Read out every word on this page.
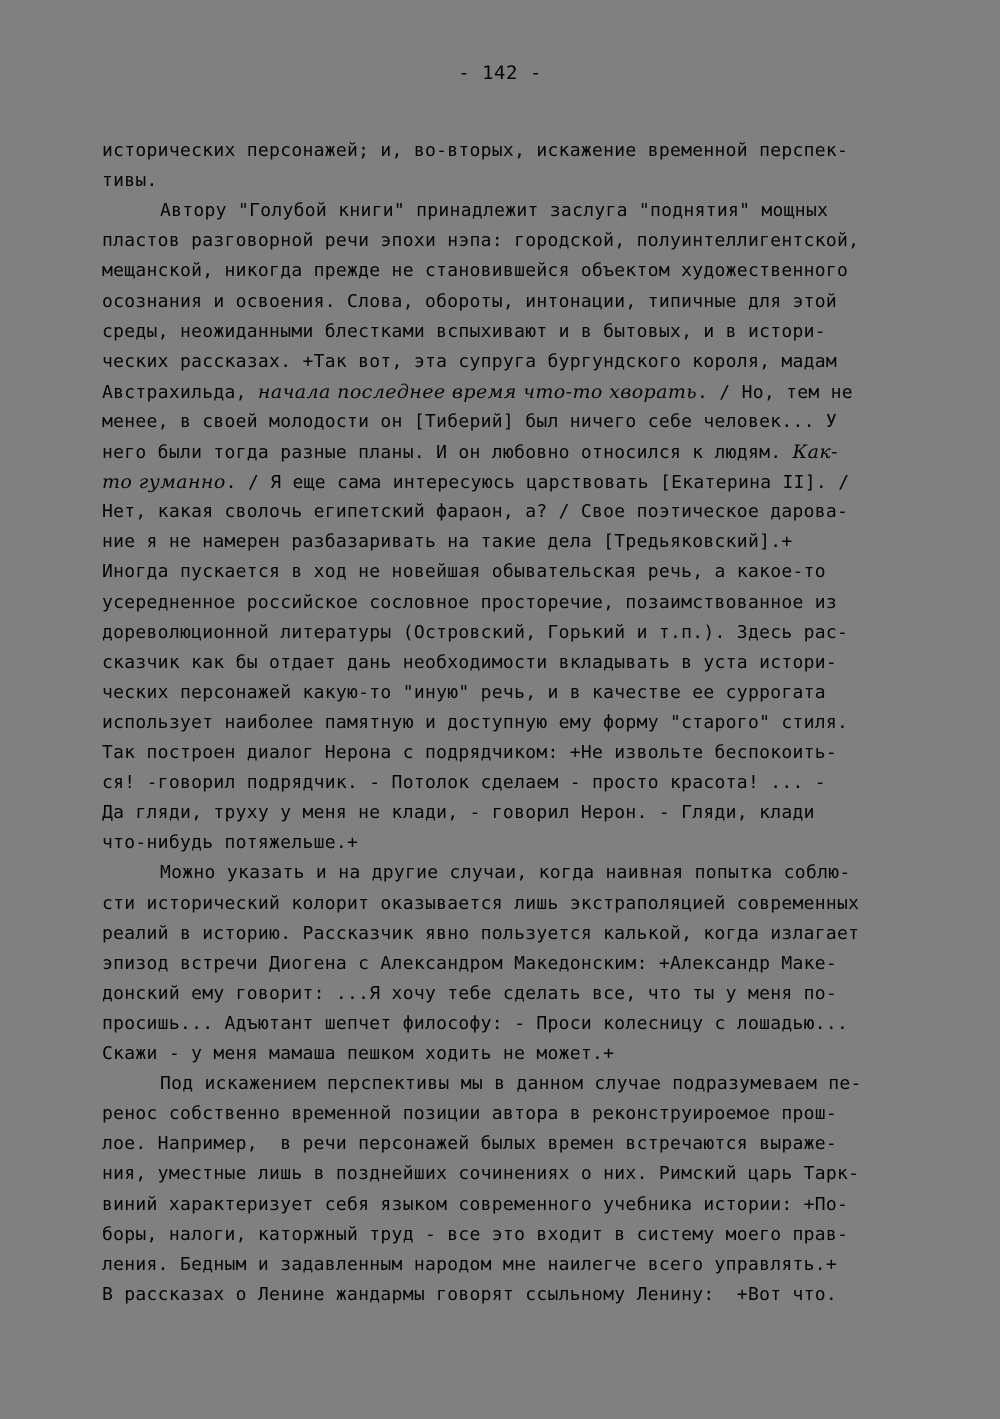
- 142 -
исторических персонажей; и, во-вторых, искажение временной перспек-
тивы.
Автору "Голубой книги" принадлежит заслуга "поднятия" мощных
пластов разговорной речи эпохи нэпа: городской, полуинтеллигентской,
мещанской, никогда прежде не становившейся объектом художественного
осознания и освоения. Слова, обороты, интонации, типичные для этой
среды, неожиданными блестками вспыхивают и в бытовых, и в истори-
ческих рассказах. +Так вот, эта супруга бургундского короля, мадам
Австрахильда, начала последнее время что-то хворать. / Но, тем не
менее, в своей молодости он [Тиберий] был ничего себе человек... У
него были тогда разные планы. И он любовно относился к людям. Как-
то гуманно. / Я еще сама интересуюсь царствовать [Екатерина II]. /
Нет, какая сволочь египетский фараон, а? / Свое поэтическое дарова-
ние я не намерен разбазаривать на такие дела [Тредьяковский].+
Иногда пускается в ход не новейшая обывательская речь, а какое-то
усередненное российское сословное просторечие, позаимствованное из
дореволюционной литературы (Островский, Горький и т.п.). Здесь рас-
сказчик как бы отдает дань необходимости вкладывать в уста истори-
ческих персонажей какую-то "иную" речь, и в качестве ее суррогата
использует наиболее памятную и доступную ему форму "старого" стиля.
Так построен диалог Нерона с подрядчиком: +Не извольте беспокоить-
ся! -говорил подрядчик. - Потолок сделаем - просто красота! ... -
Да гляди, труху у меня не клади, - говорил Нерон. - Гляди, клади
что-нибудь потяжельше.+
Можно указать и на другие случаи, когда наивная попытка соблю-
сти исторический колорит оказывается лишь экстраполяцией современных
реалий в историю. Рассказчик явно пользуется калькой, когда излагает
эпизод встречи Диогена с Александром Македонским: +Александр Маке-
донский ему говорит: ...Я хочу тебе сделать все, что ты у меня по-
просишь... Адъютант шепчет философу: - Проси колесницу с лошадью...
Скажи - у меня мамаша пешком ходить не может.+
Под искажением перспективы мы в данном случае подразумеваем пе-
ренос собственно временной позиции автора в реконструироемое прош-
лое. Например,  в речи персонажей былых времен встречаются выраже-
ния, уместные лишь в позднейших сочинениях о них. Римский царь Тарк-
виний характеризует себя языком современного учебника истории: +По-
боры, налоги, каторжный труд - все это входит в систему моего прав-
ления. Бедным и задавленным народом мне наилегче всего управлять.+
В рассказах о Ленине жандармы говорят ссыльному Ленину:  +Вот что.
